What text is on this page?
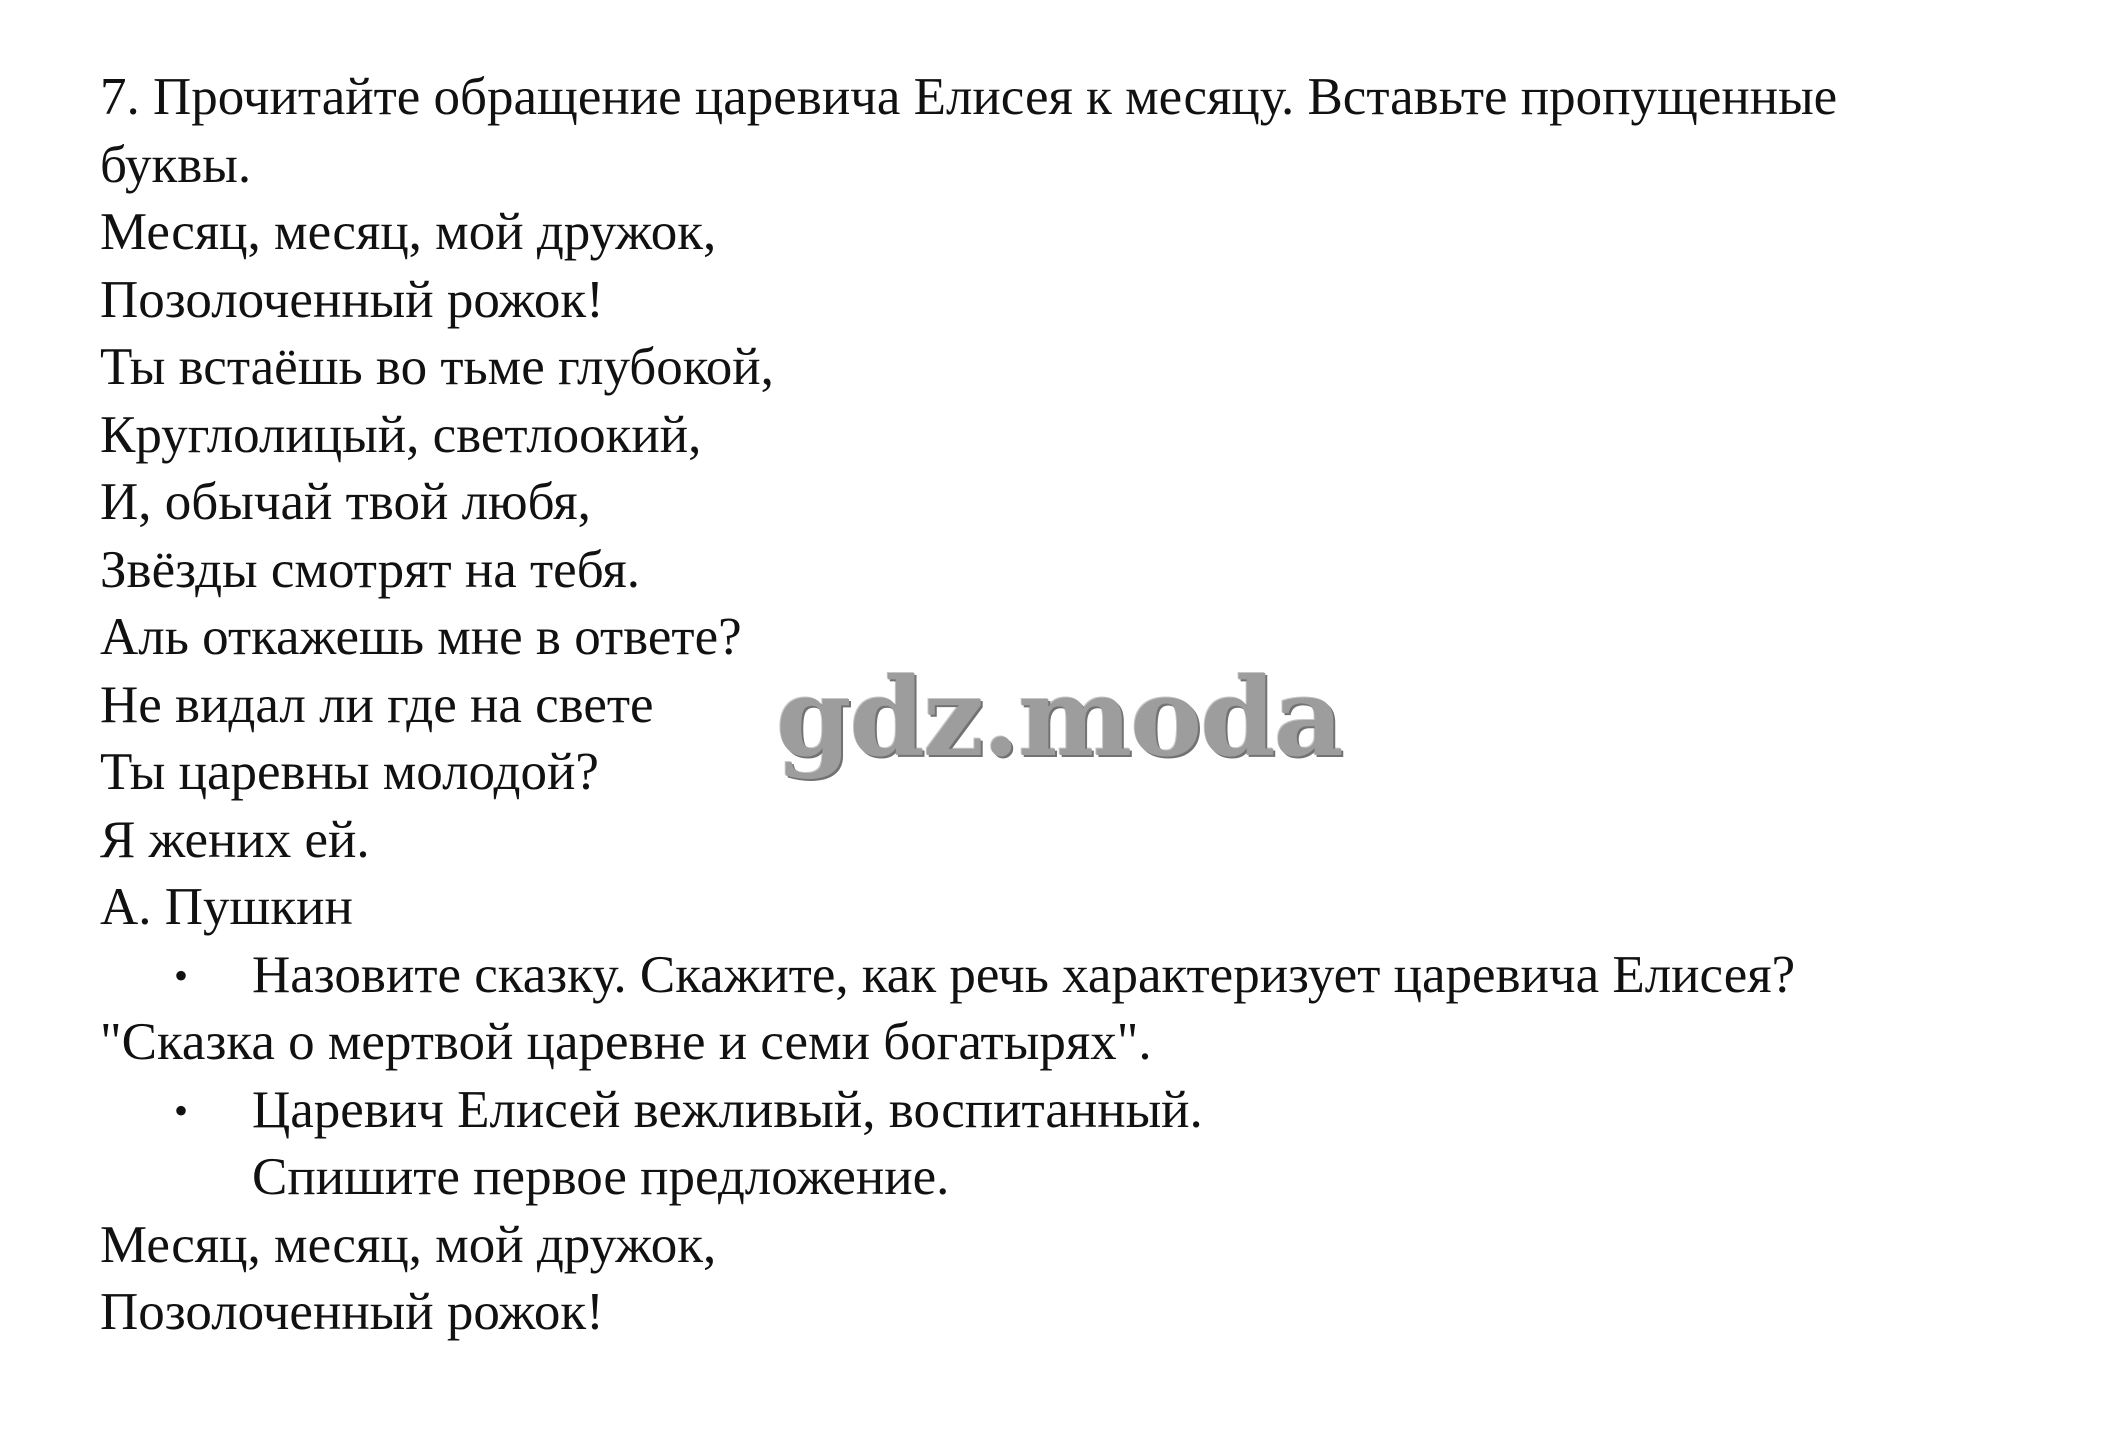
7. Прочитайте обращение царевича Елисея к месяцу. Вставьте пропущенные
буквы.
Месяц, месяц, мой дружок,
Позолоченный рожок!
Ты встаёшь во тьме глубокой,
Круглолицый, светлоокий,
И, обычай твой любя,
Звёзды смотрят на тебя.
Аль откажешь мне в ответе?
Не видал ли где на свете
Ты царевны молодой?
Я жених ей.
А. Пушкин
• Назовите сказку. Скажите, как речь характеризует царевича Елисея?
"Сказка о мертвой царевне и семи богатырях".
• Царевич Елисей вежливый, воспитанный.
Спишите первое предложение.
Месяц, месяц, мой дружок,
Позолоченный рожок!
gdz.moda
